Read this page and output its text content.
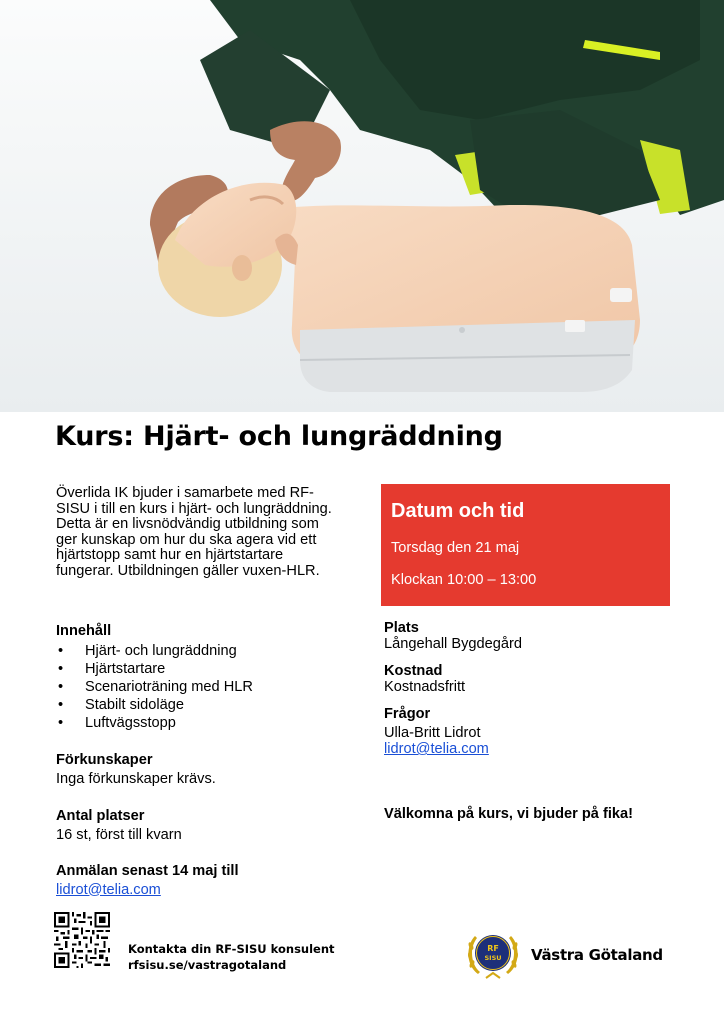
Kurs: Hjärt- och lungräddning

Överlida IK bjuder i samarbete med RF-SISU i till en kurs i hjärt- och lungräddning. Detta är en livsnödvändig utbildning som ger kunskap om hur du ska agera vid ett hjärtstopp samt hur en hjärtstartare fungerar. Utbildningen gäller vuxen-HLR.

Innehåll

• Hjärt- och lungräddning
• Hjärtstartare
• Scenarioträning med HLR
• Stabilt sidoläge
• Luftvägsstopp

Förkunskaper

Inga förkunskaper krävs.

Antal platser

16 st, först till kvarn

Anmälan senast 14 maj till

lidrot@telia.com
Datum och tid
Torsdag den 21 maj
Klockan 10:00 – 13:00

Plats

Långehall Bygdegård

Kostnad

Kostnadsfritt

Frågor

Ulla-Britt Lidrot

lidrot@telia.com

Välkomna på kurs, vi bjuder på fika!

Kontakta din RF-SISU konsulent
rfsisu.se/vastragotaland
RF
SISU Västra Götaland
